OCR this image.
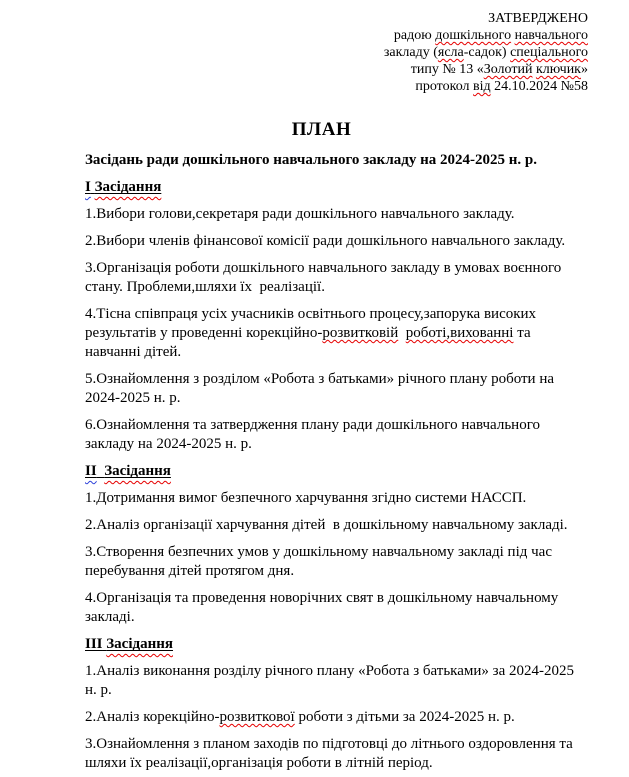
ЗАТВЕРДЖЕНО
радою дошкільного навчального
закладу (ясла-садок) спеціального
типу № 13 «Золотий ключик»
протокол від 24.10.2024 №58
ПЛАН

Засідань ради дошкільного навчального закладу на 2024-2025 н. р.

І Засідання

1.Вибори голови,секретаря ради дошкільного навчального закладу.

2.Вибори членів фінансової комісії ради дошкільного навчального закладу.

3.Організація роботи дошкільного навчального закладу в умовах воєнного стану. Проблеми,шляхи їх  реалізації.

4.Тісна співпраця усіх учасників освітнього процесу,запорука високих результатів у проведенні корекційно-розвитковій роботі,вихованні та навчанні дітей.

5.Ознайомлення з розділом «Робота з батьками» річного плану роботи на 2024-2025 н. р.

6.Ознайомлення та затвердження плану ради дошкільного навчального закладу на 2024-2025 н. р.

ІІ Засідання

1.Дотримання вимог безпечного харчування згідно системи НАССП.

2.Аналіз організації харчування дітей  в дошкільному навчальному закладі.

3.Створення безпечних умов у дошкільному навчальному закладі під час перебування дітей протягом дня.

4.Організація та проведення новорічних свят в дошкільному навчальному закладі.

ІІІ Засідання

1.Аналіз виконання розділу річного плану «Робота з батьками» за 2024-2025 н. р.

2.Аналіз корекційно-розвиткової роботи з дітьми за 2024-2025 н. р.

3.Ознайомлення з планом заходів по підготовці до літнього оздоровлення та шляхи їх реалізації,організація роботи в літній період.
